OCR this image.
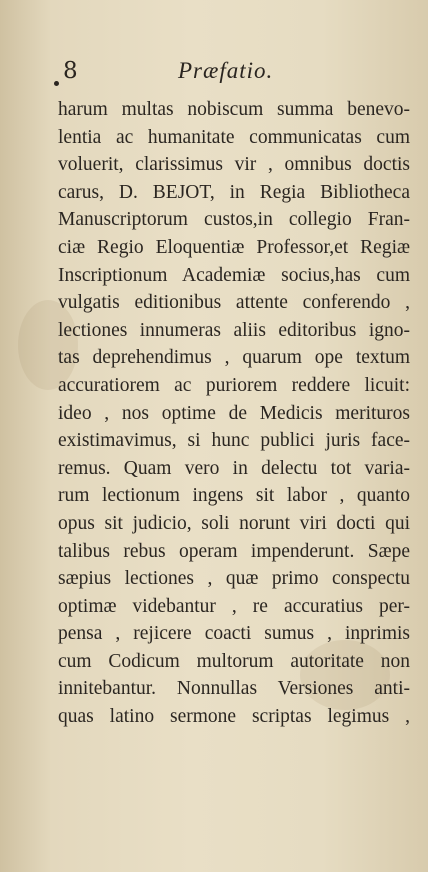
8	Præfatio.
harum multas nobiscum summa benevo-
lentia ac humanitate communicatas cum
voluerit, clarissimus vir , omnibus doctis
carus, D. BEJOT, in Regia Bibliotheca
Manuscriptorum custos,in collegio Fran-
ciæ Regio Eloquentiæ Professor,et Regiæ
Inscriptionum Academiæ socius,has cum
vulgatis editionibus attente conferendo ,
lectiones innumeras aliis editoribus igno-
tas deprehendimus , quarum ope textum
accuratiorem ac puriorem reddere licuit:
ideo , nos optime de Medicis merituros
existimavimus, si hunc publici juris face-
remus. Quam vero in delectu tot varia-
rum lectionum ingens sit labor , quanto
opus sit judicio, soli norunt viri docti qui
talibus rebus operam impenderunt. Sæpe
sæpius lectiones , quæ primo conspectu
optimæ videbantur , re accuratius per-
pensa , rejicere coacti sumus , inprimis
cum Codicum multorum autoritate non
innitebantur. Nonnullas Versiones anti-
quas latino sermone scriptas legimus ,
